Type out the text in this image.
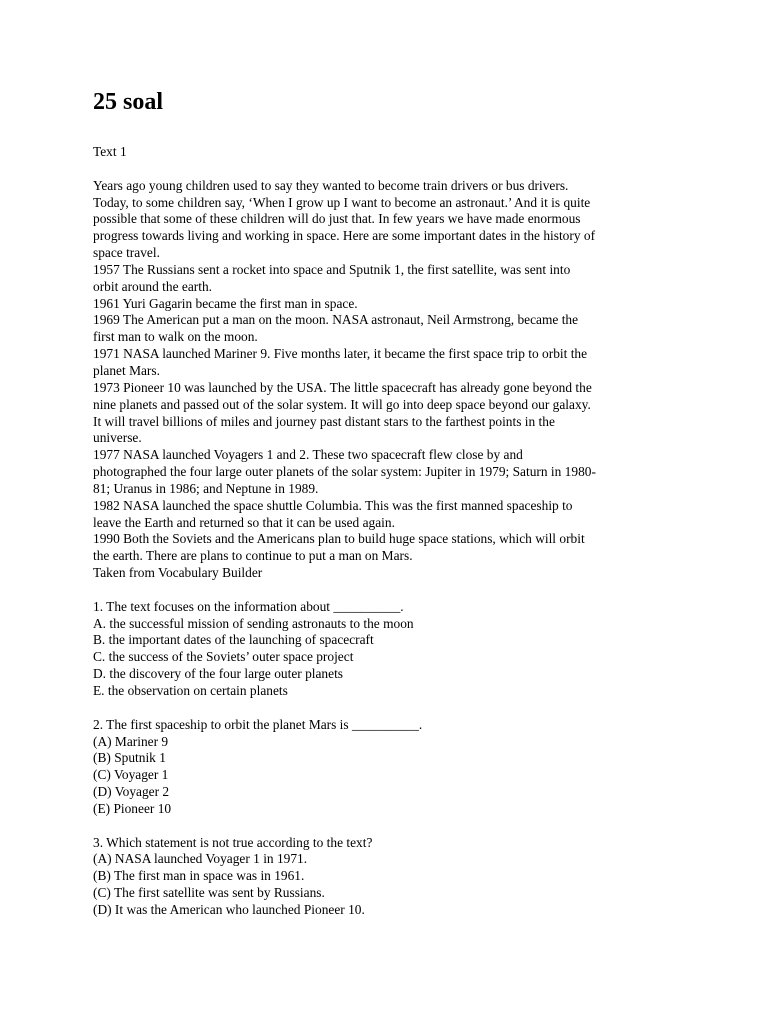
25 soal
Text 1
Years ago young children used to say they wanted to become train drivers or bus drivers.
Today, to some children say, ‘When I grow up I want to become an astronaut.’ And it is quite
possible that some of these children will do just that. In few years we have made enormous
progress towards living and working in space. Here are some important dates in the history of
space travel.
1957 The Russians sent a rocket into space and Sputnik 1, the first satellite, was sent into
orbit around the earth.
1961 Yuri Gagarin became the first man in space.
1969 The American put a man on the moon. NASA astronaut, Neil Armstrong, became the
first man to walk on the moon.
1971 NASA launched Mariner 9. Five months later, it became the first space trip to orbit the
planet Mars.
1973 Pioneer 10 was launched by the USA. The little spacecraft has already gone beyond the
nine planets and passed out of the solar system. It will go into deep space beyond our galaxy.
It will travel billions of miles and journey past distant stars to the farthest points in the
universe.
1977 NASA launched Voyagers 1 and 2. These two spacecraft flew close by and
photographed the four large outer planets of the solar system: Jupiter in 1979; Saturn in 1980-
81; Uranus in 1986; and Neptune in 1989.
1982 NASA launched the space shuttle Columbia. This was the first manned spaceship to
leave the Earth and returned so that it can be used again.
1990 Both the Soviets and the Americans plan to build huge space stations, which will orbit
the earth. There are plans to continue to put a man on Mars.
Taken from Vocabulary Builder
1. The text focuses on the information about __________.
A. the successful mission of sending astronauts to the moon
B. the important dates of the launching of spacecraft
C. the success of the Soviets’ outer space project
D. the discovery of the four large outer planets
E. the observation on certain planets
2. The first spaceship to orbit the planet Mars is __________.
(A) Mariner 9
(B) Sputnik 1
(C) Voyager 1
(D) Voyager 2
(E) Pioneer 10
3. Which statement is not true according to the text?
(A) NASA launched Voyager 1 in 1971.
(B) The first man in space was in 1961.
(C) The first satellite was sent by Russians.
(D) It was the American who launched Pioneer 10.
